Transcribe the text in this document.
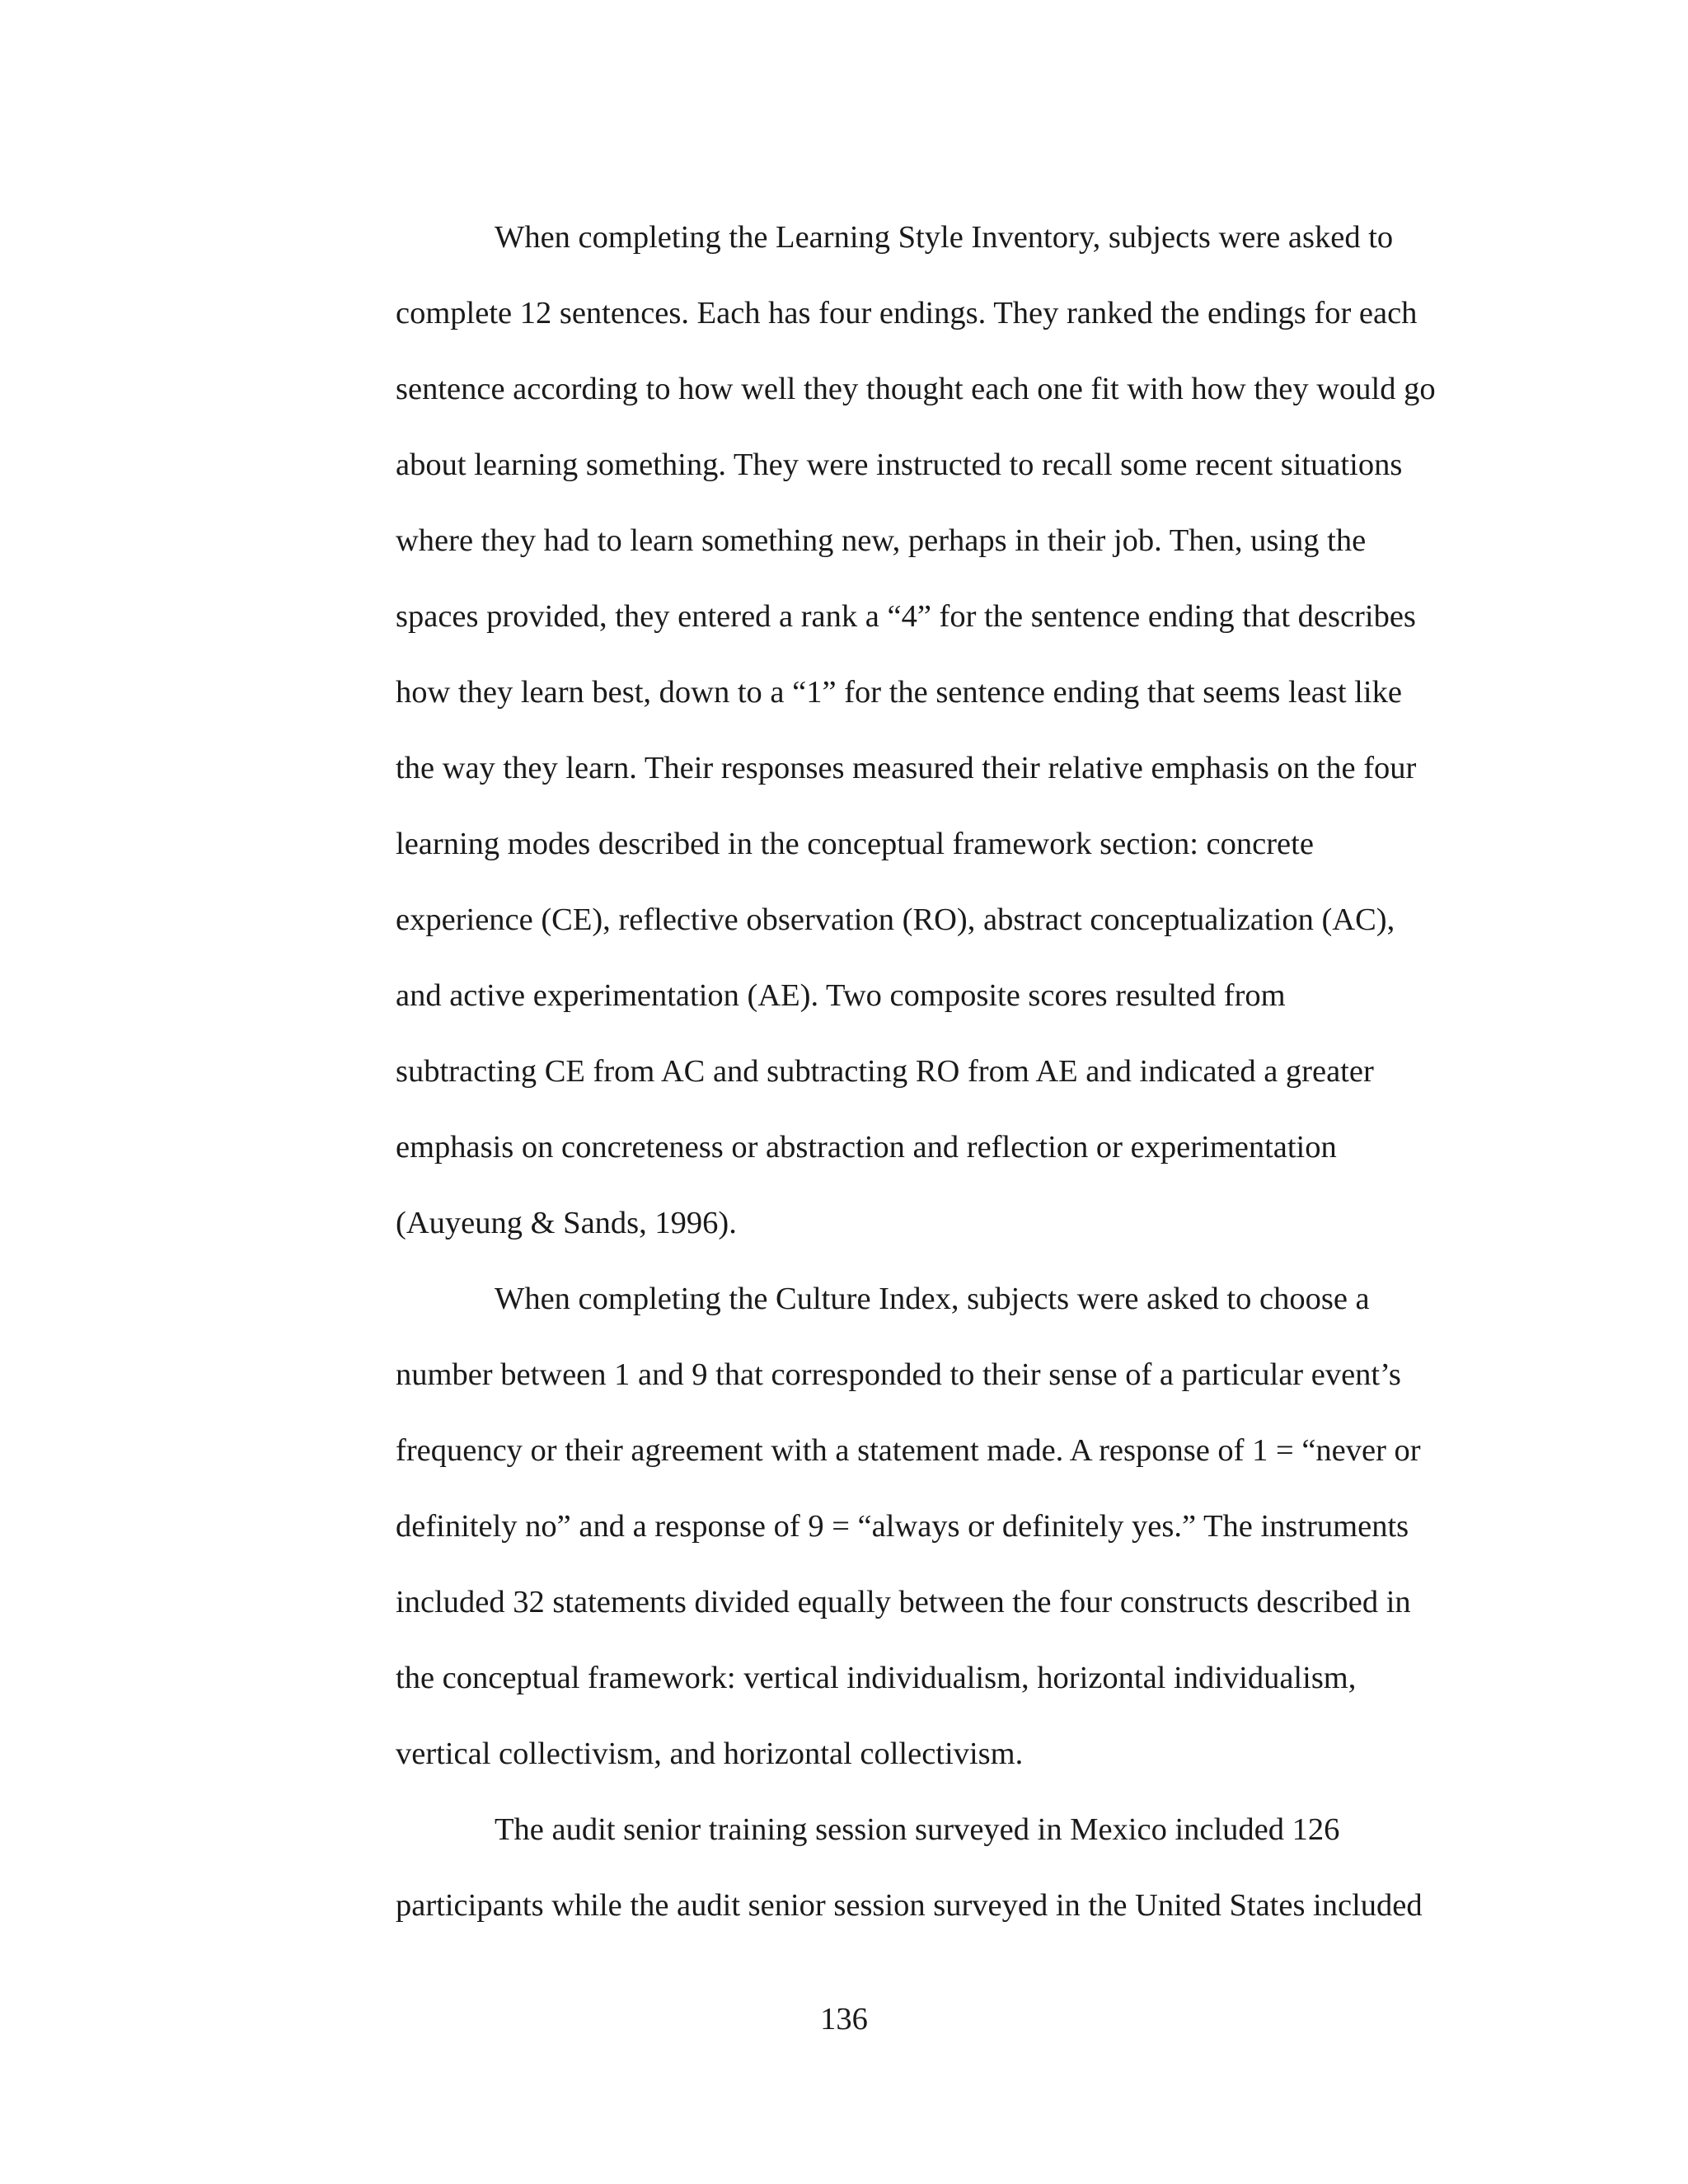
When completing the Learning Style Inventory, subjects were asked to
complete 12 sentences. Each has four endings. They ranked the endings for each
sentence according to how well they thought each one fit with how they would go
about learning something. They were instructed to recall some recent situations
where they had to learn something new, perhaps in their job. Then, using the
spaces provided, they entered a rank a “4” for the sentence ending that describes
how they learn best, down to a “1” for the sentence ending that seems least like
the way they learn. Their responses measured their relative emphasis on the four
learning modes described in the conceptual framework section: concrete
experience (CE), reflective observation (RO), abstract conceptualization (AC),
and active experimentation (AE). Two composite scores resulted from
subtracting CE from AC and subtracting RO from AE and indicated a greater
emphasis on concreteness or abstraction and reflection or experimentation
(Auyeung & Sands, 1996).
When completing the Culture Index, subjects were asked to choose a
number between 1 and 9 that corresponded to their sense of a particular event’s
frequency or their agreement with a statement made. A response of 1 = “never or
definitely no” and a response of 9 = “always or definitely yes.” The instruments
included 32 statements divided equally between the four constructs described in
the conceptual framework: vertical individualism, horizontal individualism,
vertical collectivism, and horizontal collectivism.
The audit senior training session surveyed in Mexico included 126
participants while the audit senior session surveyed in the United States included
136
